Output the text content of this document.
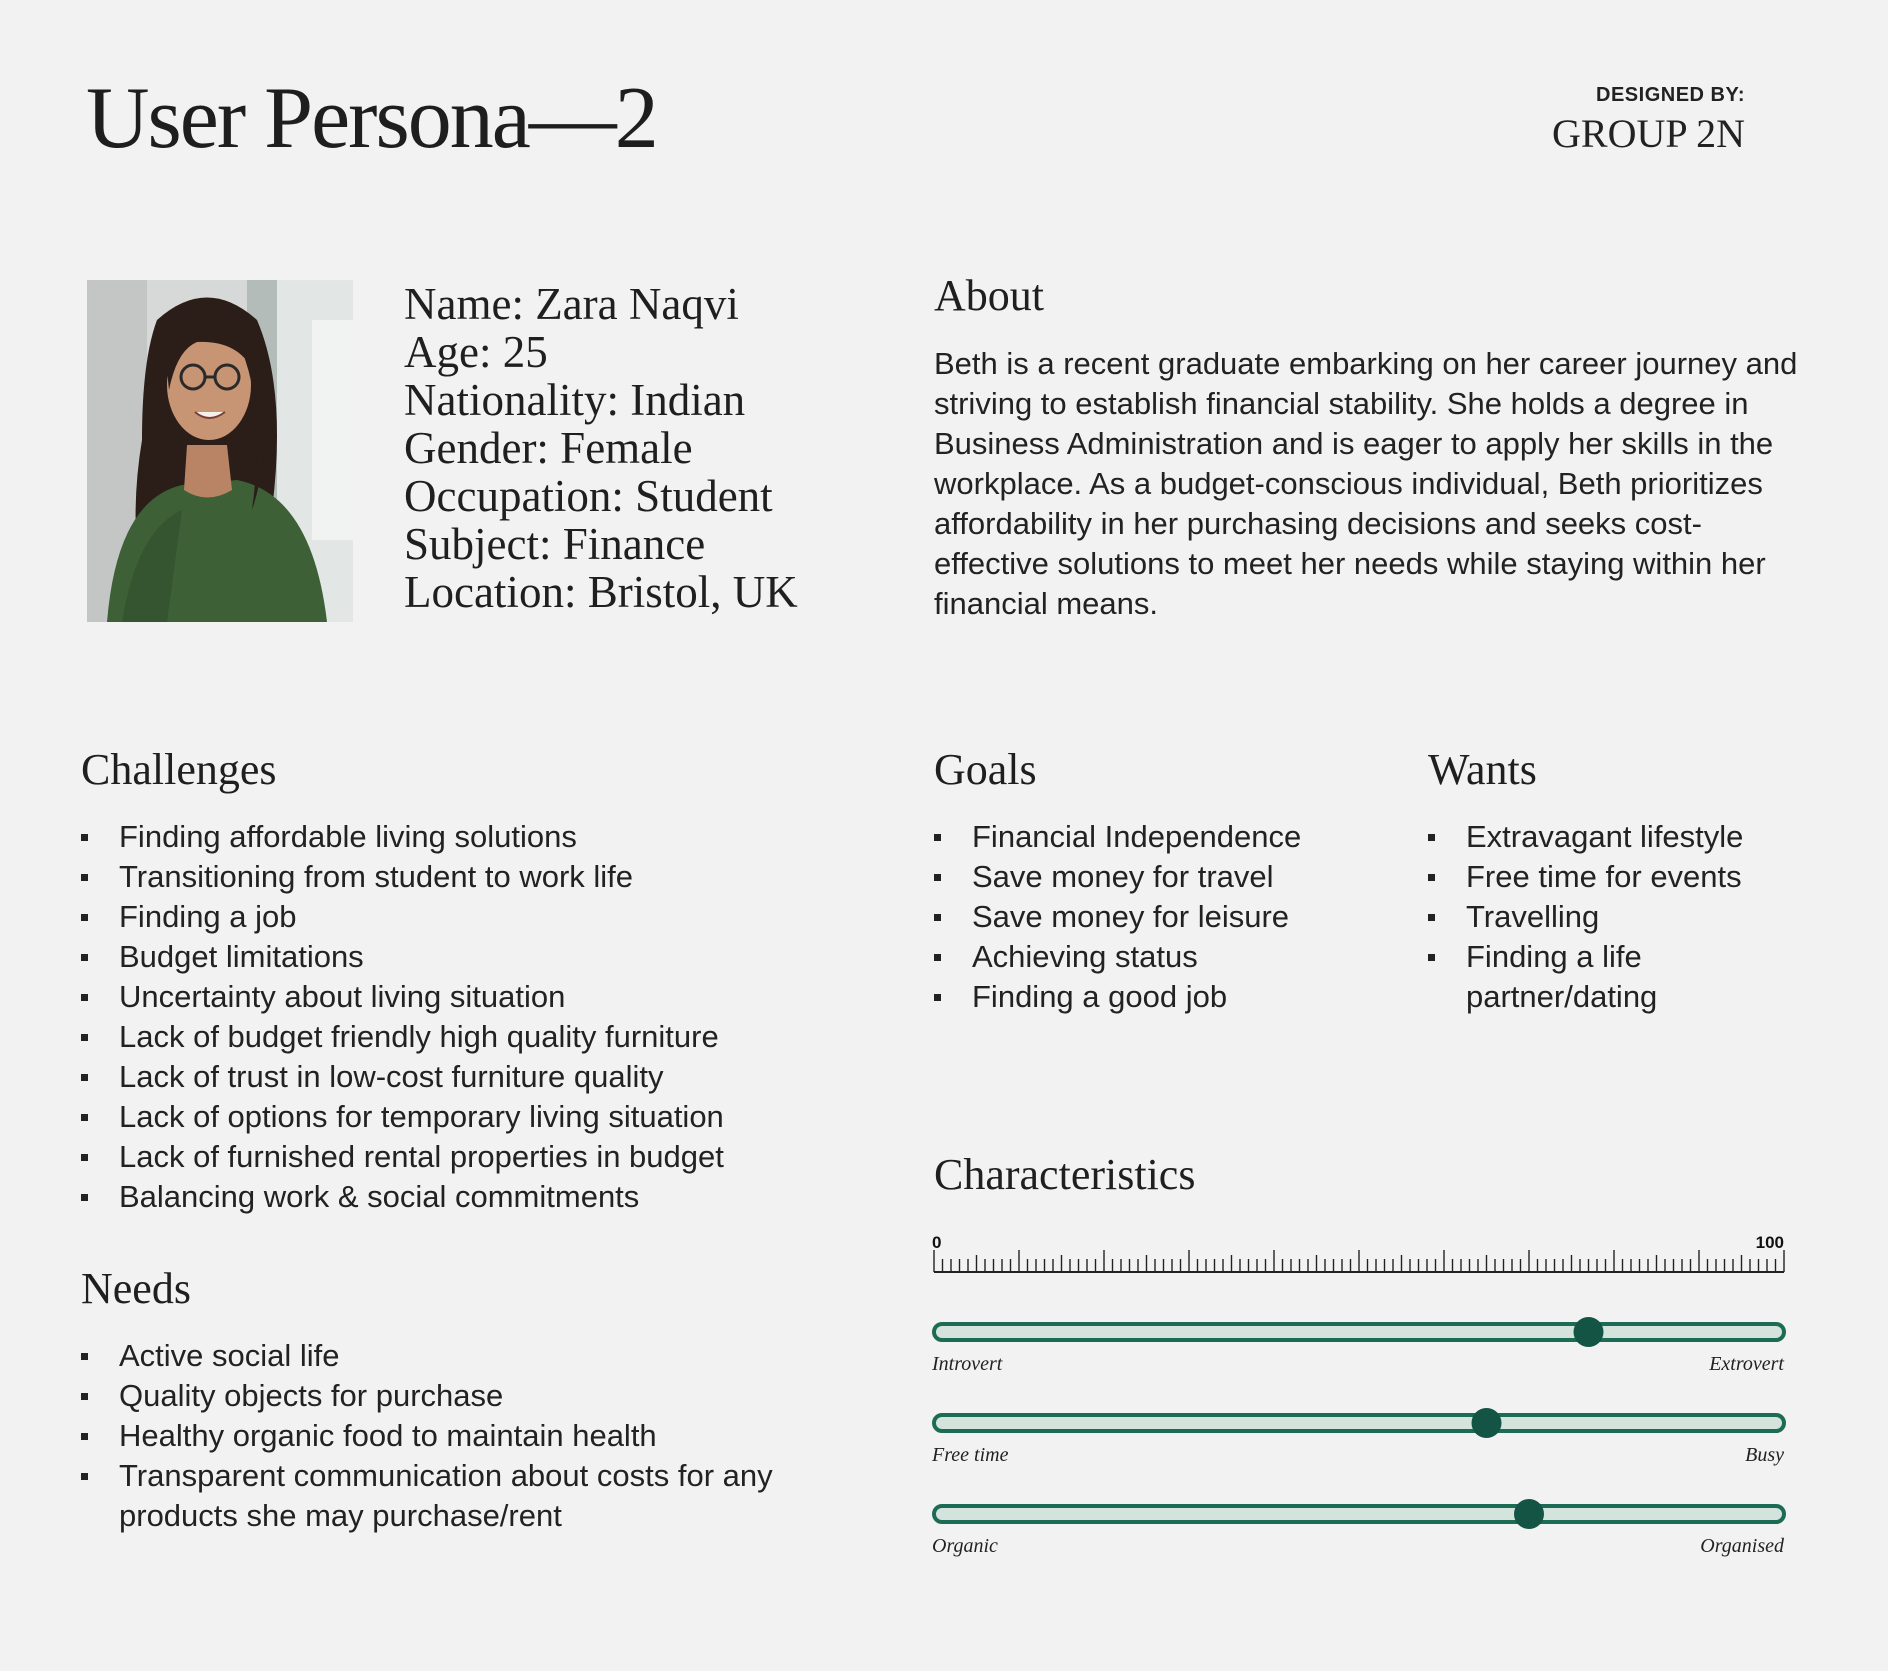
User Persona—2	DESIGNED BY:
GROUP 2N
Name: Zara Naqvi
Age: 25
Nationality: Indian
Gender: Female
Occupation: Student
Subject: Finance
Location: Bristol, UK
About

Beth is a recent graduate embarking on her career journey and striving to establish financial stability. She holds a degree in Business Administration and is eager to apply her skills in the workplace. As a budget-conscious individual, Beth prioritizes affordability in her purchasing decisions and seeks cost-effective solutions to meet her needs while staying within her financial means.

Challenges
Finding affordable living solutions
Transitioning from student to work life
Finding a job
Budget limitations
Uncertainty about living situation
Lack of budget friendly high quality furniture
Lack of trust in low-cost furniture quality
Lack of options for temporary living situation
Lack of furnished rental properties in budget
Balancing work & social commitments
Needs
Active social life
Quality objects for purchase
Healthy organic food to maintain health
Transparent communication about costs for any products she may purchase/rent
Goals
Financial Independence
Save money for travel
Save money for leisure
Achieving status
Finding a good job
Wants
Extravagant lifestyle
Free time for events
Travelling
Finding a life partner/dating
Characteristics
0	100
Introvert	Extrovert
Free time	Busy
Organic	Organised
